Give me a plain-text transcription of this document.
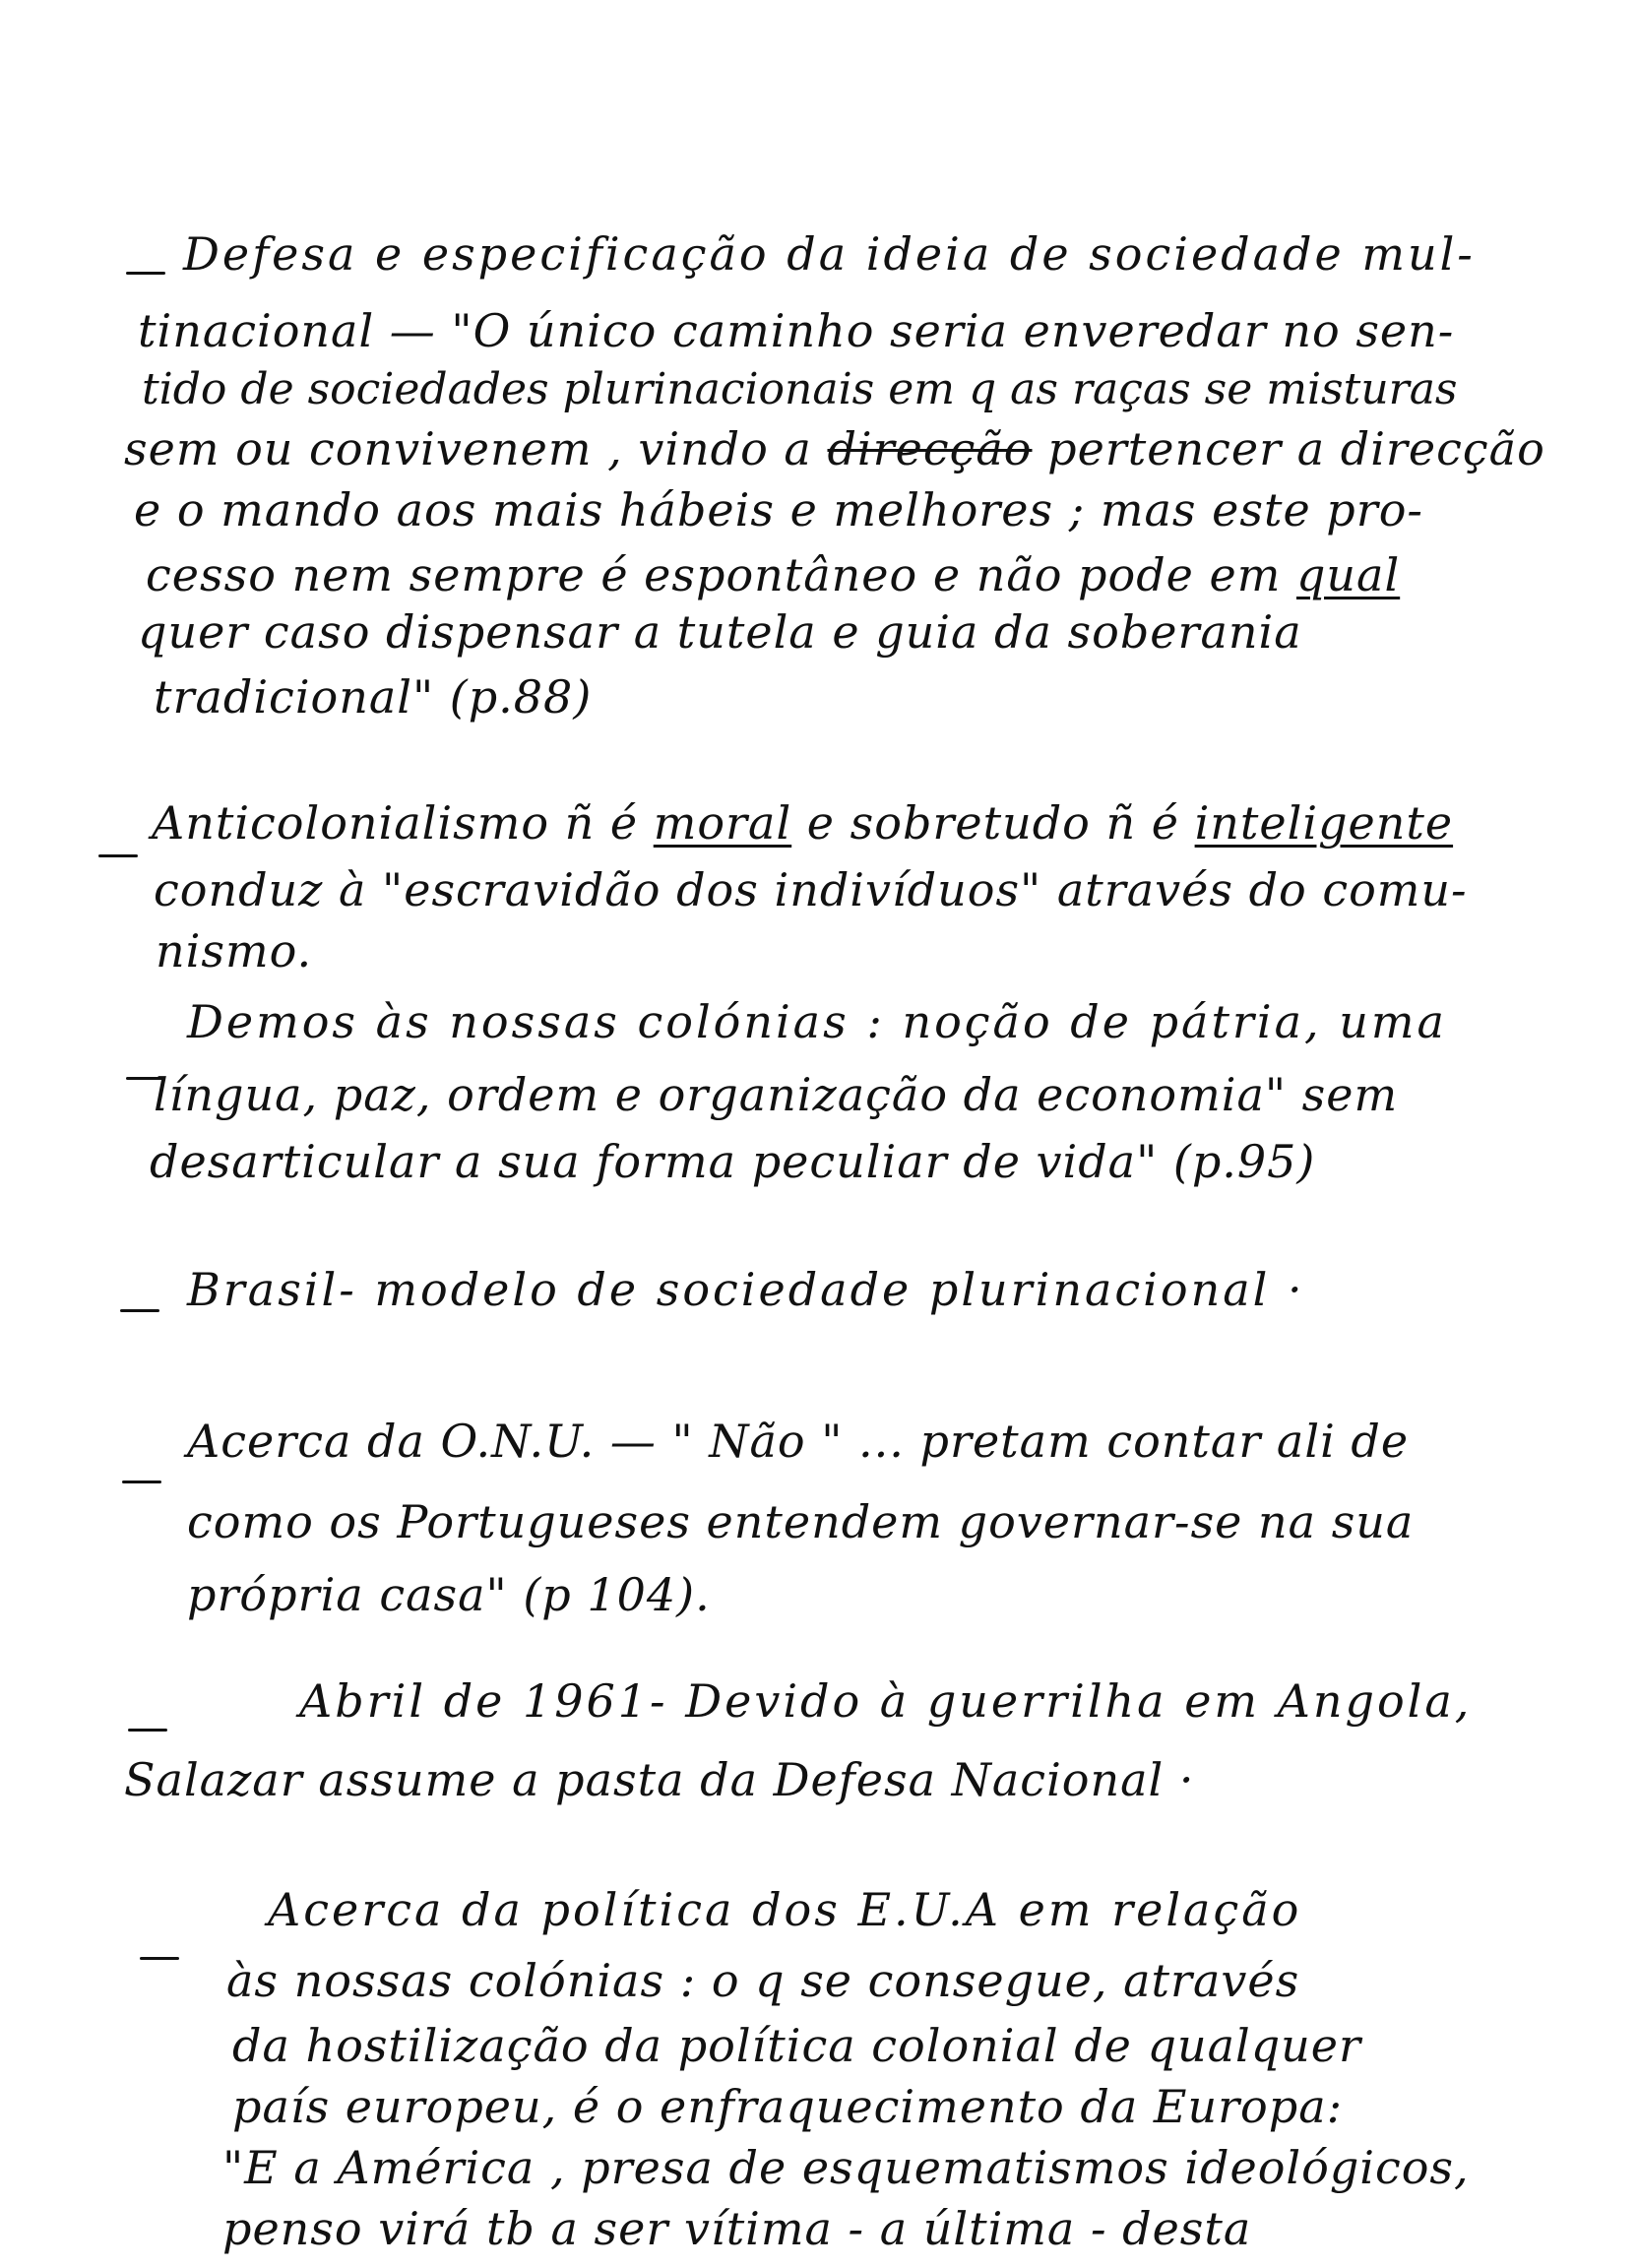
Defesa e especificação da ideia de sociedade mul-
tinacional — "O único caminho seria enveredar no sen-
tido de sociedades plurinacionais em q as raças se misturas
sem ou convivenem , vindo a direcção pertencer a direcção
e o mando aos mais hábeis e melhores ; mas este pro-
cesso nem sempre é espontâneo e não pode em qual
quer caso dispensar a tutela e guia da soberania
tradicional" (p.88)
Anticolonialismo ñ é moral e sobretudo ñ é inteligente
conduz à "escravidão dos indivíduos" através do comu-
nismo.
Demos às nossas colónias : noção de pátria, uma
língua, paz, ordem e organização da economia" sem
desarticular a sua forma peculiar de vida" (p.95)
Brasil- modelo de sociedade plurinacional ·
Acerca da O.N.U. — " Não " ... pretam contar ali de
como os Portugueses entendem governar-se na sua
própria casa" (p 104).
Abril de 1961- Devido à guerrilha em Angola,
Salazar assume a pasta da Defesa Nacional ·
Acerca da política dos E.U.A em relação
às nossas colónias : o q se consegue, através
da hostilização da política colonial de qualquer
país europeu, é o enfraquecimento da Europa:
"E a América , presa de esquematismos ideológicos,
penso virá tb a ser vítima - a última - desta
